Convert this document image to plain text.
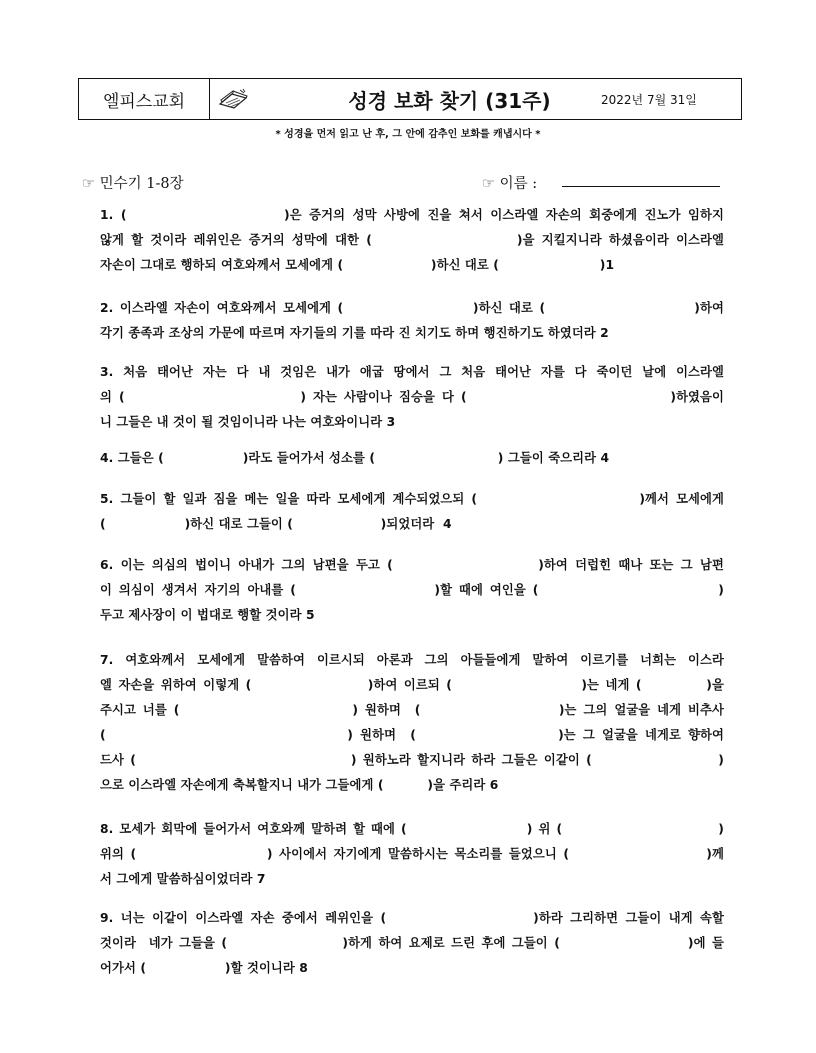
엘피스교회	성경 보화 찾기 (31주)	2022년 7월 31일
* 성경을 먼저 읽고 난 후, 그 안에 감추인 보화를 캐냅시다 *
☞ 민수기 1-8장	☞ 이름 :
1. (                     )은 증거의 성막 사방에 진을 쳐서 이스라엘 자손의 회중에게 진노가 임하지
않게 할 것이라 레위인은 증거의 성막에 대한 (                    )을 지킬지니라 하셨음이라 이스라엘
자손이 그대로 행하되 여호와께서 모세에게 (                    )하신 대로 (                       )1
2. 이스라엘 자손이 여호와께서 모세에게 (                    )하신 대로 (                       )하여
각기 종족과 조상의 가문에 따르며 자기들의 기를 따라 진 치기도 하며 행진하기도 하였더라 2
3. 처음 태어난 자는 다 내 것임은 내가 애굽 땅에서 그 처음 태어난 자를 다 죽이던 날에 이스라엘
의 (                         ) 자는 사람이나 짐승을 다 (                             )하였음이
니 그들은 내 것이 될 것임이니라 나는 여호와이니라 3
4. 그들은 (                  )라도 들어가서 성소를 (                            ) 그들이 죽으리라 4
5. 그들이 할 일과 짐을 메는 일을 따라 모세에게 계수되었으되 (                       )께서 모세에게
(                  )하신 대로 그들이 (                    )되었더라  4
6. 이는 의심의 법이니 아내가 그의 남편을 두고 (                    )하여 더럽힌 때나 또는 그 남편
이 의심이 생겨서 자기의 아내를 (                    )할 때에 여인을 (                          )
두고 제사장이 이 법대로 행할 것이라 5
7. 여호와께서 모세에게 말씀하여 이르시되 아론과 그의 아들들에게 말하여 이르기를 너희는 이스라
엘 자손을 위하여 이렇게 (                  )하여 이르되 (                    )는 네게 (          )을
주시고 너를 (                         ) 원하며  (                    )는 그의 얼굴을 네게 비추사
(                                  ) 원하며  (                    )는 그 얼굴을 네게로 향하여
드사 (                                  ) 원하노라 할지니라 하라 그들은 이같이 (                    )
으로 이스라엘 자손에게 축복할지니 내가 그들에게 (          )을 주리라 6
8. 모세가 회막에 들어가서 여호와께 말하려 할 때에 (                    ) 위 (                          )
위의 (                    ) 사이에서 자기에게 말씀하시는 목소리를 들었으니 (                     )께
서 그에게 말씀하심이었더라 7
9. 너는 이같이 이스라엘 자손 중에서 레위인을 (                    )하라 그리하면 그들이 내게 속할
것이라  네가 그들을 (                  )하게 하여 요제로 드린 후에 그들이 (                    )에 들
어가서 (                  )할 것이니라 8
